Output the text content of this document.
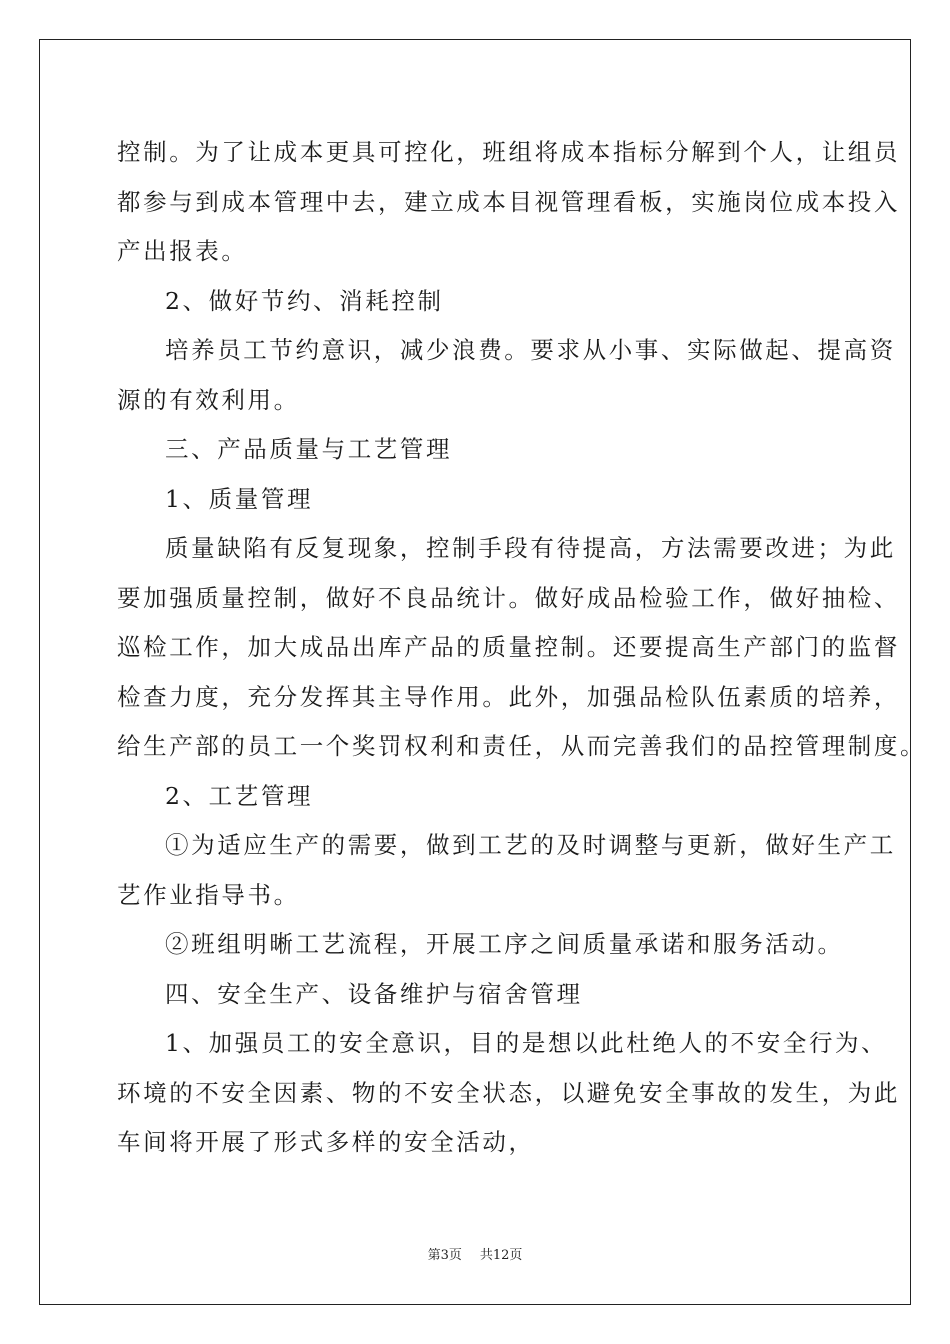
控制。为了让成本更具可控化，班组将成本指标分解到个人，让组员
都参与到成本管理中去，建立成本目视管理看板，实施岗位成本投入
产出报表。
2、做好节约、消耗控制
培养员工节约意识，减少浪费。要求从小事、实际做起、提高资
源的有效利用。
三、产品质量与工艺管理
1、质量管理
质量缺陷有反复现象，控制手段有待提高，方法需要改进；为此
要加强质量控制，做好不良品统计。做好成品检验工作，做好抽检、
巡检工作，加大成品出库产品的质量控制。还要提高生产部门的监督
检查力度，充分发挥其主导作用。此外，加强品检队伍素质的培养，
给生产部的员工一个奖罚权利和责任，从而完善我们的品控管理制度。
2、工艺管理
①为适应生产的需要，做到工艺的及时调整与更新，做好生产工
艺作业指导书。
②班组明晰工艺流程，开展工序之间质量承诺和服务活动。
四、安全生产、设备维护与宿舍管理
1、加强员工的安全意识，目的是想以此杜绝人的不安全行为、
环境的不安全因素、物的不安全状态，以避免安全事故的发生，为此
车间将开展了形式多样的安全活动，
第3页 共12页
